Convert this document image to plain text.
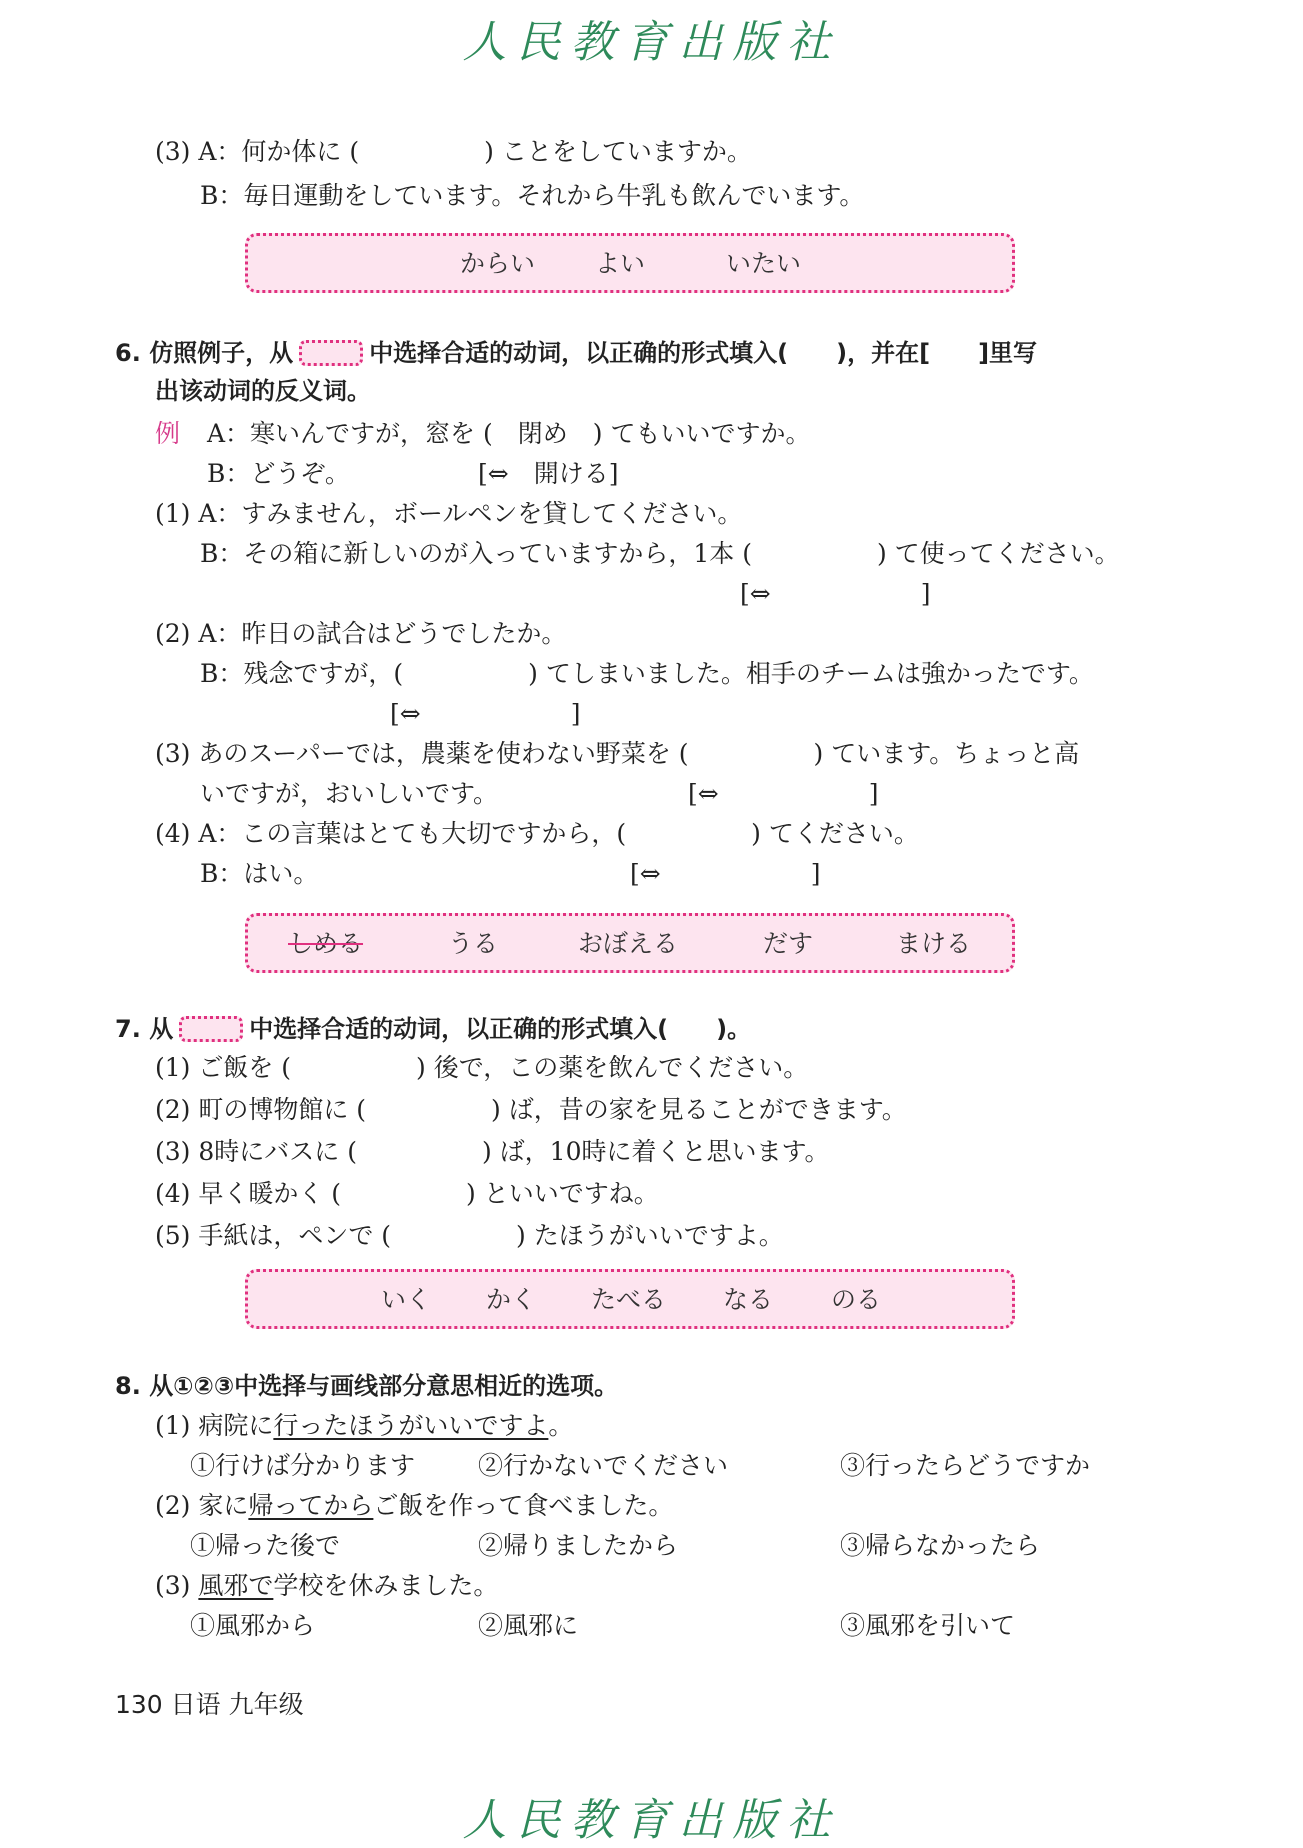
人民教育出版社
(3) A：何か体に (　　　　　) ことをしていますか。
B：毎日運動をしています。それから牛乳も飲んでいます。
からい よい	いたい
6. 仿照例子，从	中选择合适的动词，以正确的形式填入(　　)，并在[　　]里写
出该动词的反义词。
例 A：寒いんですが，窓を (　閉め　) てもいいですか。
B：どうぞ。	[⇔　開ける]
(1) A：すみません，ボールペンを貸してください。
B：その箱に新しいのが入っていますから，1本 (　　　　　) て使ってください。
[⇔　　　　　　]
(2) A：昨日の試合はどうでしたか。
B：残念ですが，(　　　　　) てしまいました。相手のチームは強かったです。
[⇔　　　　　　]
(3) あのスーパーでは，農薬を使わない野菜を (　　　　　) ています。ちょっと高
いですが，おいしいです。	[⇔　　　　　　]
(4) A：この言葉はとても大切ですから，(　　　　　) てください。
B：はい。	[⇔　　　　　　]
しめる	うる	おぼえる	だす	まける
7. 从	中选择合适的动词，以正确的形式填入(　　)。
(1) ご飯を (　　　　　) 後で，この薬を飲んでください。
(2) 町の博物館に (　　　　　) ば，昔の家を見ることができます。
(3) 8時にバスに (　　　　　) ば，10時に着くと思います。
(4) 早く暖かく (　　　　　) といいですね。
(5) 手紙は，ペンで (　　　　　) たほうがいいですよ。
いく かく たべる なる のる
8. 从①②③中选择与画线部分意思相近的选项。
(1) 病院に行ったほうがいいですよ。
①行けば分かります	②行かないでください	③行ったらどうですか
(2) 家に帰ってからご飯を作って食べました。
①帰った後で	②帰りましたから	③帰らなかったら
(3) 風邪で学校を休みました。
①風邪から	②風邪に	③風邪を引いて
130 日语 九年级
人民教育出版社
